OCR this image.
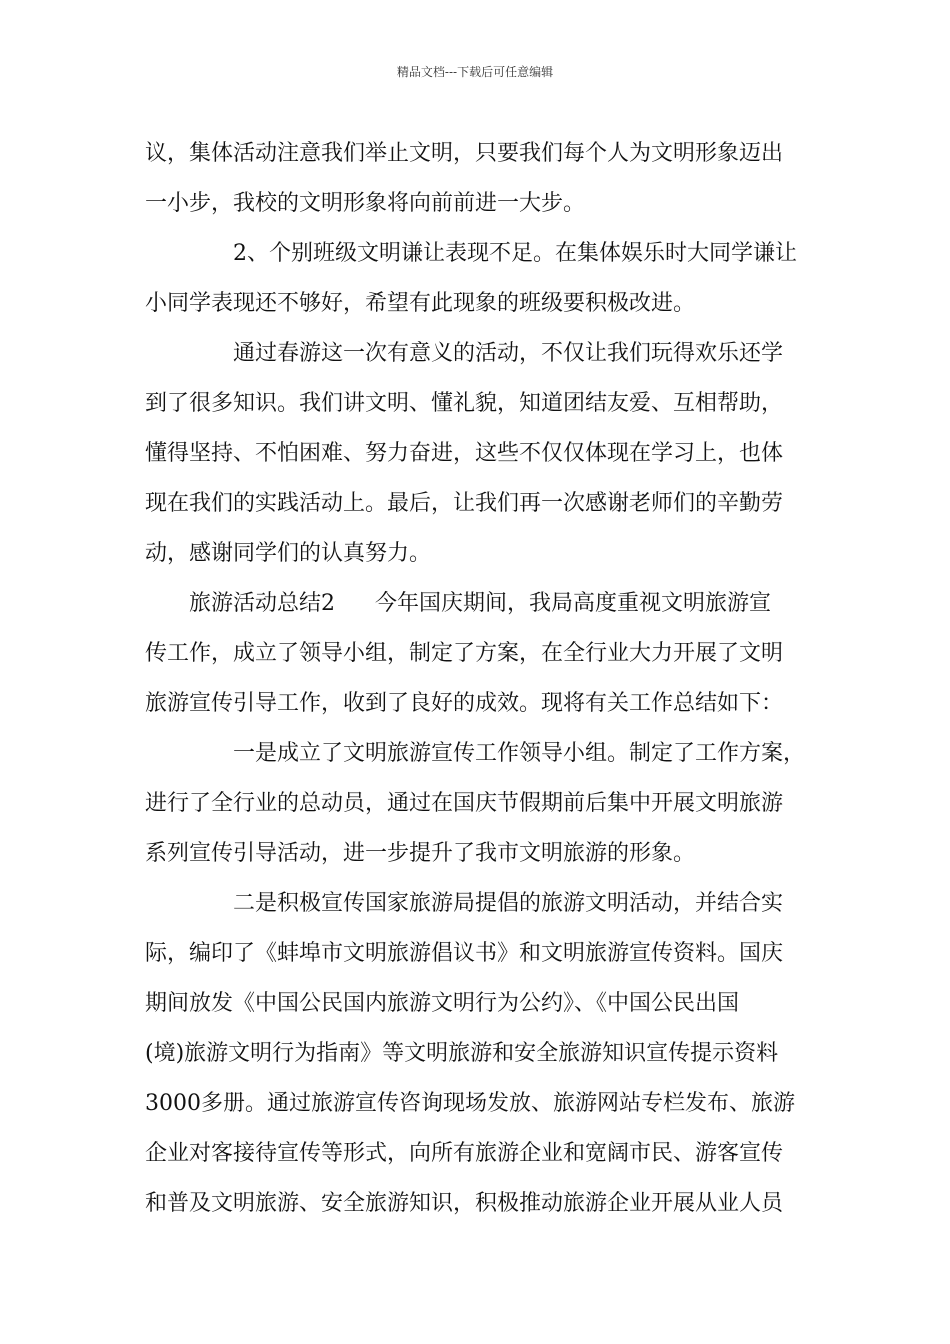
精品文档---下载后可任意编辑
议，集体活动注意我们举止文明，只要我们每个人为文明形象迈出
一小步，我校的文明形象将向前前进一大步。
2、个别班级文明谦让表现不足。在集体娱乐时大同学谦让
小同学表现还不够好，希望有此现象的班级要积极改进。
通过春游这一次有意义的活动，不仅让我们玩得欢乐还学
到了很多知识。我们讲文明、懂礼貌，知道团结友爱、互相帮助，
懂得坚持、不怕困难、努力奋进，这些不仅仅体现在学习上，也体
现在我们的实践活动上。最后，让我们再一次感谢老师们的辛勤劳
动，感谢同学们的认真努力。
旅游活动总结2 今年国庆期间，我局高度重视文明旅游宣
传工作，成立了领导小组，制定了方案，在全行业大力开展了文明
旅游宣传引导工作，收到了良好的成效。现将有关工作总结如下：
一是成立了文明旅游宣传工作领导小组。制定了工作方案，
进行了全行业的总动员，通过在国庆节假期前后集中开展文明旅游
系列宣传引导活动，进一步提升了我市文明旅游的形象。
二是积极宣传国家旅游局提倡的旅游文明活动，并结合实
际，编印了《蚌埠市文明旅游倡议书》和文明旅游宣传资料。国庆
期间放发《中国公民国内旅游文明行为公约》、《中国公民出国
(境)旅游文明行为指南》等文明旅游和安全旅游知识宣传提示资料
3000多册。通过旅游宣传咨询现场发放、旅游网站专栏发布、旅游
企业对客接待宣传等形式，向所有旅游企业和宽阔市民、游客宣传
和普及文明旅游、安全旅游知识，积极推动旅游企业开展从业人员
